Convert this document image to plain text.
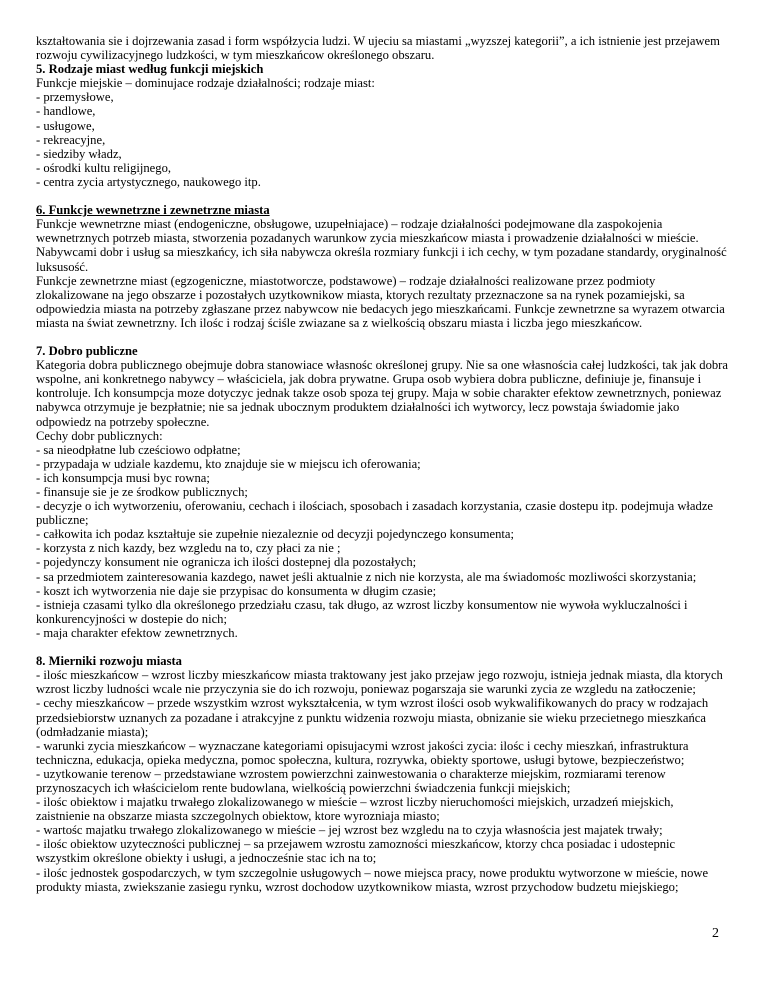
kształtowania sie i dojrzewania zasad i form współzycia ludzi. W ujeciu sa miastami „wyzszej kategorii”, a ich istnienie jest przejawem rozwoju cywilizacyjnego ludzkości, w tym mieszkańcow określonego obszaru.

5. Rodzaje miast według funkcji miejskich

Funkcje miejskie – dominujace rodzaje działalności; rodzaje miast:

- przemysłowe,

- handlowe,

- usługowe,

- rekreacyjne,

- siedziby władz,

- ośrodki kultu religijnego,

- centra zycia artystycznego, naukowego itp.

6. Funkcje wewnetrzne i zewnetrzne miasta

Funkcje wewnetrzne miast (endogeniczne, obsługowe, uzupełniajace) – rodzaje działalności podejmowane dla zaspokojenia wewnetrznych potrzeb miasta, stworzenia pozadanych warunkow zycia mieszkańcow miasta i prowadzenie działalności w mieście. Nabywcami dobr i usług sa mieszkańcy, ich siła nabywcza określa rozmiary funkcji i ich cechy, w tym pozadane standardy, oryginalność luksusość.

Funkcje zewnetrzne miast (egzogeniczne, miastotworcze, podstawowe) – rodzaje działalności realizowane przez podmioty zlokalizowane na jego obszarze i pozostałych uzytkownikow miasta, ktorych rezultaty przeznaczone sa na rynek pozamiejski, sa odpowiedzia miasta na potrzeby zgłaszane przez nabywcow nie bedacych jego mieszkańcami. Funkcje zewnetrzne sa wyrazem otwarcia miasta na świat zewnetrzny. Ich ilośc i rodzaj ściśle zwiazane sa z wielkością obszaru miasta i liczba jego mieszkańcow.

7. Dobro publiczne

Kategoria dobra publicznego obejmuje dobra stanowiace własnośc określonej grupy. Nie sa one własnościa całej ludzkości, tak jak dobra wspolne, ani konkretnego nabywcy – właściciela, jak dobra prywatne. Grupa osob wybiera dobra publiczne, definiuje je, finansuje i kontroluje. Ich konsumpcja moze dotyczyc jednak takze osob spoza tej grupy. Maja w sobie charakter efektow zewnetrznych, poniewaz nabywca otrzymuje je bezpłatnie; nie sa jednak ubocznym produktem działalności ich wytworcy, lecz powstaja świadomie jako odpowiedz na potrzeby społeczne.

Cechy dobr publicznych:

- sa nieodpłatne lub cześciowo odpłatne;

- przypadaja w udziale kazdemu, kto znajduje sie w miejscu ich oferowania;

- ich konsumpcja musi byc rowna;

- finansuje sie je ze środkow publicznych;

- decyzje o ich wytworzeniu, oferowaniu, cechach i ilościach, sposobach i zasadach korzystania, czasie dostepu itp. podejmuja władze publiczne;

- całkowita ich podaz kształtuje sie zupełnie niezaleznie od decyzji pojedynczego konsumenta;

- korzysta z nich kazdy, bez wzgledu na to, czy płaci za nie ;

- pojedynczy konsument nie ogranicza ich ilości dostepnej dla pozostałych;

- sa przedmiotem zainteresowania kazdego, nawet jeśli aktualnie z nich nie korzysta, ale ma świadomośc mozliwości skorzystania;

- koszt ich wytworzenia nie daje sie przypisac do konsumenta w długim czasie;

- istnieja czasami tylko dla określonego przedziału czasu, tak długo, az wzrost liczby konsumentow nie wywoła wykluczalności i konkurencyjności w dostepie do nich;

- maja charakter efektow zewnetrznych.

8. Mierniki rozwoju miasta

- ilośc mieszkańcow – wzrost liczby mieszkańcow miasta traktowany jest jako przejaw jego rozwoju, istnieja jednak miasta, dla ktorych wzrost liczby ludności wcale nie przyczynia sie do ich rozwoju, poniewaz pogarszaja sie warunki zycia ze wzgledu na zatłoczenie;

- cechy mieszkańcow – przede wszystkim wzrost wykształcenia, w tym wzrost ilości osob wykwalifikowanych do pracy w rodzajach przedsiebiorstw uznanych za pozadane i atrakcyjne z punktu widzenia rozwoju miasta, obnizanie sie wieku przecietnego mieszkańca (odmładzanie miasta);

- warunki zycia mieszkańcow – wyznaczane kategoriami opisujacymi wzrost jakości zycia: ilośc i cechy mieszkań, infrastruktura techniczna, edukacja, opieka medyczna, pomoc społeczna, kultura, rozrywka, obiekty sportowe, usługi bytowe, bezpieczeństwo;

- uzytkowanie terenow – przedstawiane wzrostem powierzchni zainwestowania o charakterze miejskim, rozmiarami terenow przynoszacych ich właścicielom rente budowlana, wielkością powierzchni świadczenia funkcji miejskich;

- ilośc obiektow i majatku trwałego zlokalizowanego w mieście – wzrost liczby nieruchomości miejskich, urzadzeń miejskich, zaistnienie na obszarze miasta szczegolnych obiektow, ktore wyrozniaja miasto;

- wartośc majatku trwałego zlokalizowanego w mieście – jej wzrost bez wzgledu na to czyja własnościa jest majatek trwały;

- ilośc obiektow uzyteczności publicznej – sa przejawem wzrostu zamozności mieszkańcow, ktorzy chca posiadac i udostepnic wszystkim określone obiekty i usługi, a jednocześnie stac ich na to;

- ilośc jednostek gospodarczych, w tym szczegolnie usługowych – nowe miejsca pracy, nowe produktu wytworzone w mieście, nowe produkty miasta, zwiekszanie zasiegu rynku, wzrost dochodow uzytkownikow miasta, wzrost przychodow budzetu miejskiego;

2
